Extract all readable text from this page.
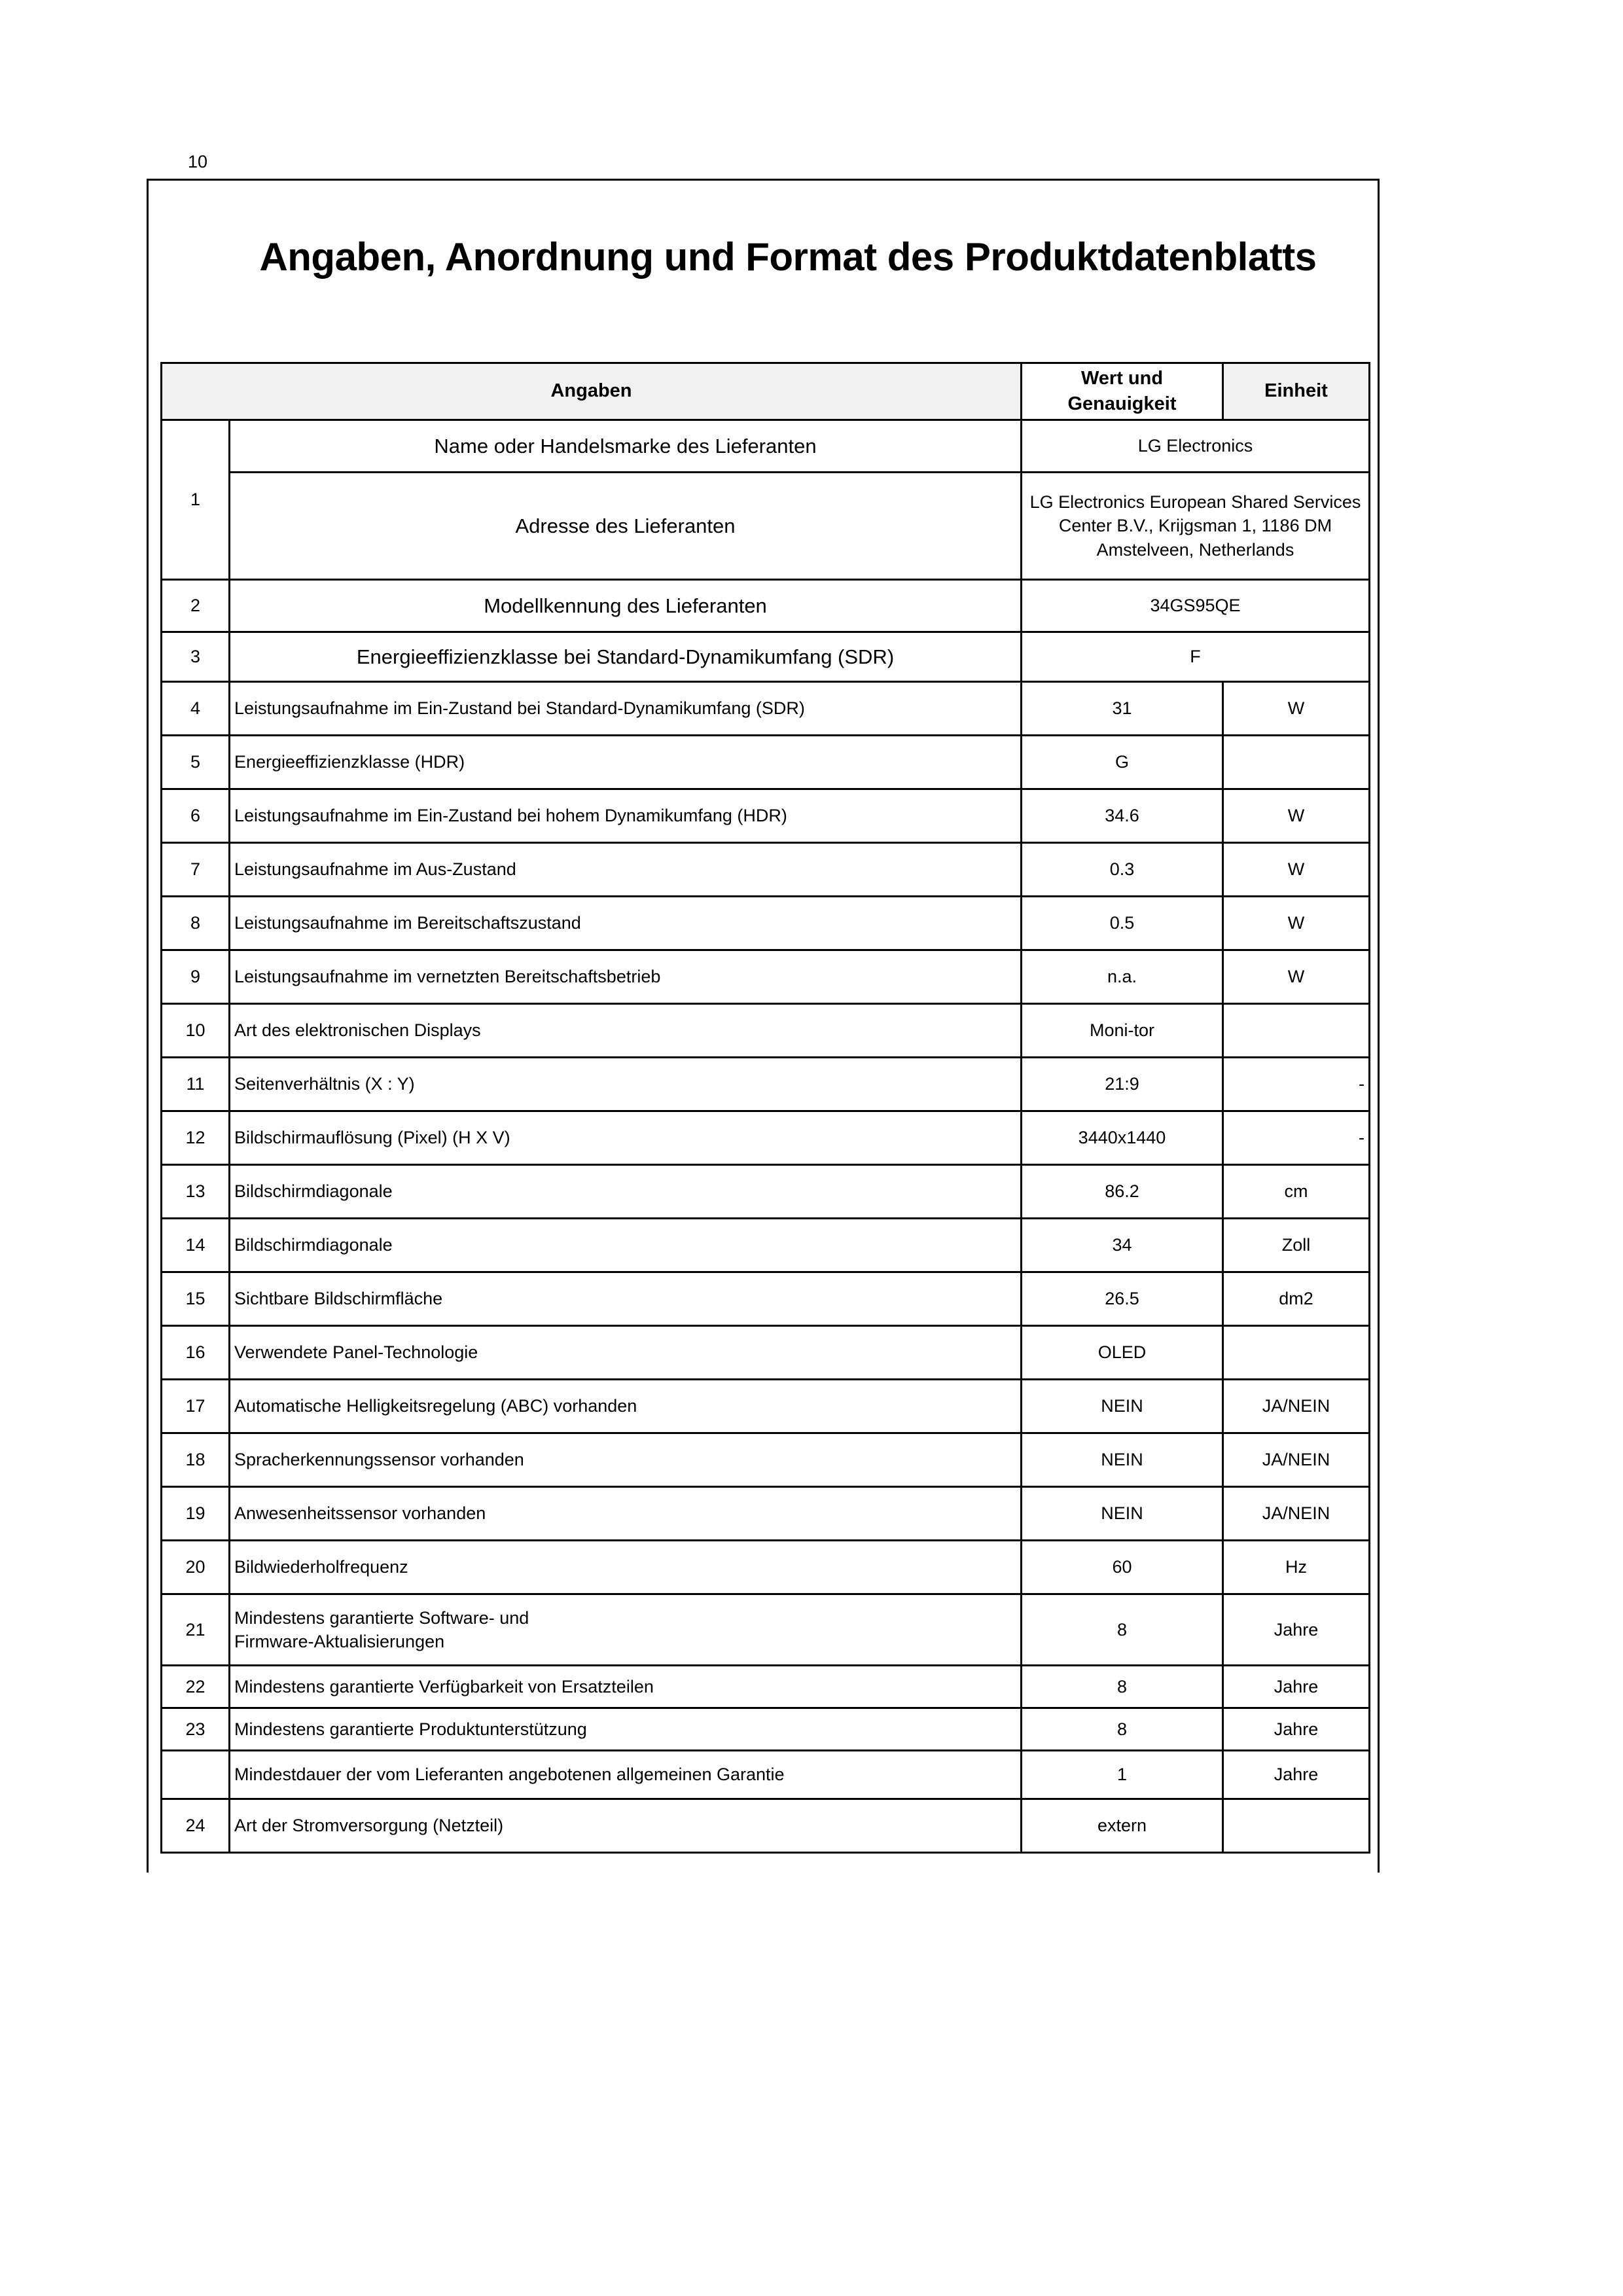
10
Angaben, Anordnung und Format des Produktdatenblatts
Angaben		Wert und Genauigkeit	Einheit
1	Name oder Handelsmarke des Lieferanten	LG Electronics	
	Adresse des Lieferanten	LG Electronics European Shared Services
Center B.V., Krijgsman 1, 1186 DM
Amstelveen, Netherlands	

2	Modellkennung des Lieferanten	34GS95QE	
3	Energieeffizienzklasse bei Standard-Dynamikumfang (SDR)	F	
4	Leistungsaufnahme im Ein-Zustand bei Standard-Dynamikumfang (SDR)	31	W
5	Energieeffizienzklasse (HDR)	G	
6	Leistungsaufnahme im Ein-Zustand bei hohem Dynamikumfang (HDR)	34.6	W
7	Leistungsaufnahme im Aus-Zustand	0.3	W
8	Leistungsaufnahme im Bereitschaftszustand	0.5	W
9	Leistungsaufnahme im vernetzten Bereitschaftsbetrieb	n.a.	W
10	Art des elektronischen Displays	Moni-tor	
11	Seitenverhältnis (X : Y)	21:9	-
12	Bildschirmauflösung (Pixel) (H X V)	3440x1440	-
13	Bildschirmdiagonale	86.2	cm
14	Bildschirmdiagonale	34	Zoll
15	Sichtbare Bildschirmfläche	26.5	dm2
16	Verwendete Panel-Technologie	OLED	
17	Automatische Helligkeitsregelung (ABC) vorhanden	NEIN	JA/NEIN
18	Spracherkennungssensor vorhanden	NEIN	JA/NEIN
19	Anwesenheitssensor vorhanden	NEIN	JA/NEIN
20	Bildwiederholfrequenz	60	Hz
21	Mindestens garantierte Software- und
Firmware-Aktualisierungen	8	Jahre
22	Mindestens garantierte Verfügbarkeit von Ersatzteilen	8	Jahre
23	Mindestens garantierte Produktunterstützung	8	Jahre
	Mindestdauer der vom Lieferanten angebotenen allgemeinen Garantie	1	Jahre
24	Art der Stromversorgung (Netzteil)	extern	
